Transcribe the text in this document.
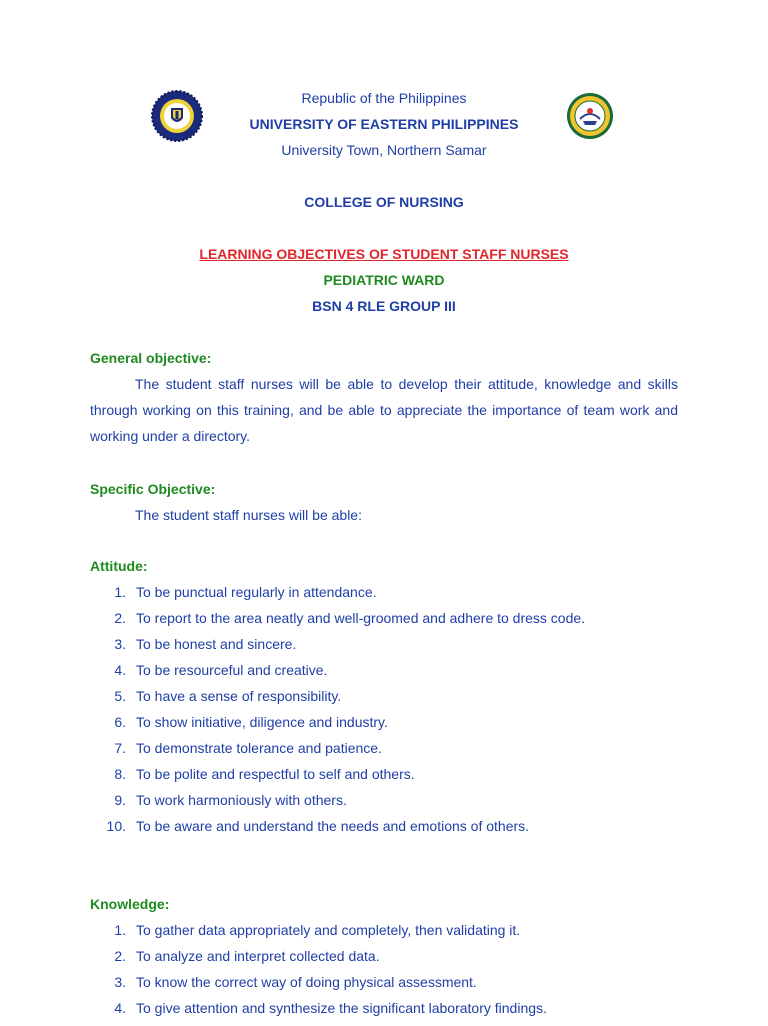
Republic of the Philippines
UNIVERSITY OF EASTERN PHILIPPINES
University Town, Northern Samar
COLLEGE OF NURSING
LEARNING OBJECTIVES OF STUDENT STAFF NURSES
PEDIATRIC WARD
BSN 4 RLE GROUP III
General objective:
The student staff nurses will be able to develop their attitude, knowledge and skills through working on this training, and be able to appreciate the importance of team work and working under a directory.
Specific Objective:
The student staff nurses will be able:
Attitude:
1. To be punctual regularly in attendance.
2. To report to the area neatly and well-groomed and adhere to dress code.
3. To be honest and sincere.
4. To be resourceful and creative.
5. To have a sense of responsibility.
6. To show initiative, diligence and industry.
7. To demonstrate tolerance and patience.
8. To be polite and respectful to self and others.
9. To work harmoniously with others.
10. To be aware and understand the needs and emotions of others.
Knowledge:
1. To gather data appropriately and completely, then validating it.
2. To analyze and interpret collected data.
3. To know the correct way of doing physical assessment.
4. To give attention and synthesize the significant laboratory findings.
